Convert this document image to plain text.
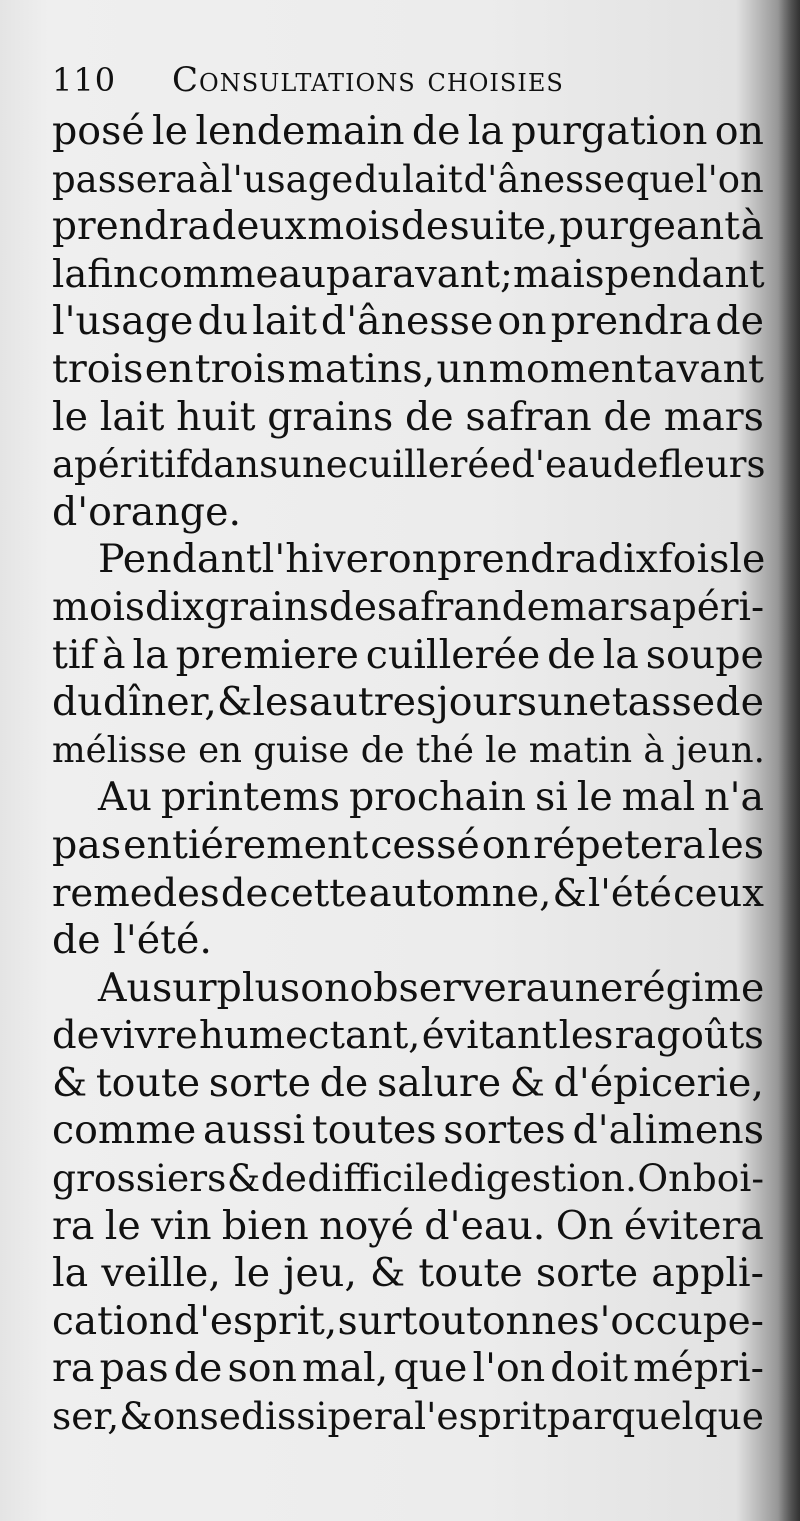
110	Consultations choisies
posé le lendemain de la purgation on
passera à l'usage du lait d'ânesse que l'on
prendra deux mois de suite, purgeant à
la fin comme auparavant ; mais pendant
l'usage du lait d'ânesse on prendra de
trois en trois matins, un moment avant
le lait huit grains de safran de mars
apéritif dans une cuillerée d'eau de fleurs
d'orange.
Pendant l'hiver on prendra dix fois le
mois dix grains de safran de mars apéri-
tif à la premiere cuillerée de la soupe
du dîner, & les autres jours une tasse de
mélisse en guise de thé le matin à jeun.
Au printems prochain si le mal n'a
pas entiérement cessé on répetera les
remedes de cette automne, & l'été ceux
de l'été.
Au surplus on observera une régime
de vivre humectant, évitant les ragoûts
& toute sorte de salure & d'épicerie,
comme aussi toutes sortes d'alimens
grossiers & de difficile digestion. On boi-
ra le vin bien noyé d'eau. On évitera
la veille, le jeu, & toute sorte appli-
cation d'esprit, sur tout on ne s'occupe-
ra pas de son mal, que l'on doit mépri-
ser, & on se dissipera l'esprit par quelque
